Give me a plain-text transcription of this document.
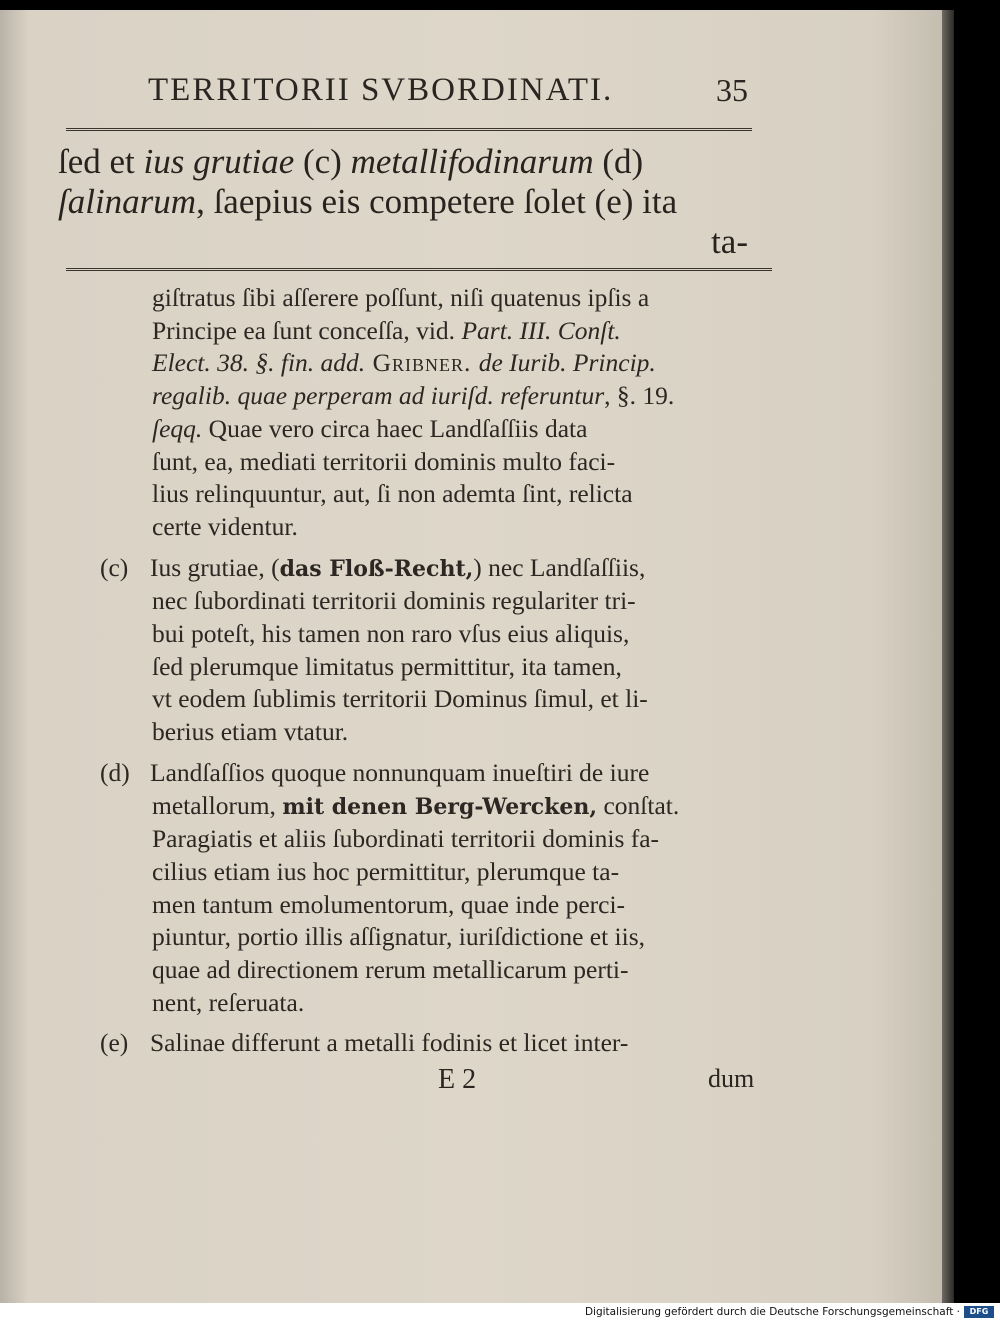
TERRITORII SVBORDINATI.	35
ſed et ius grutiae (c) metallifodinarum (d)
ſalinarum, ſaepius eis competere ſolet (e) ita
ta-
giſtratus ſibi aſſerere poſſunt, niſi quatenus ipſis a
Principe ea ſunt conceſſa, vid. Part. III. Conſt.
Elect. 38. §. fin. add. Gribner. de Iurib. Princip.
regalib. quae perperam ad iuriſd. referuntur, §. 19.
ſeqq. Quae vero circa haec Landſaſſiis data
ſunt, ea, mediati territorii dominis multo faci-
lius relinquuntur, aut, ſi non ademta ſint, relicta
certe videntur.
(c) Ius grutiae, (das Floß-Recht,) nec Landſaſſiis,
nec ſubordinati territorii dominis regulariter tri-
bui poteſt, his tamen non raro vſus eius aliquis,
ſed plerumque limitatus permittitur, ita tamen,
vt eodem ſublimis territorii Dominus ſimul, et li-
berius etiam vtatur.
(d) Landſaſſios quoque nonnunquam inueſtiri de iure
metallorum, mit denen Berg-Wercken, conſtat.
Paragiatis et aliis ſubordinati territorii dominis fa-
cilius etiam ius hoc permittitur, plerumque ta-
men tantum emolumentorum, quae inde perci-
piuntur, portio illis aſſignatur, iuriſdictione et iis,
quae ad directionem rerum metallicarum perti-
nent, reſeruata.
(e) Salinae differunt a metalli fodinis et licet inter-
E 2	dum
Digitalisierung gefördert durch die Deutsche Forschungsgemeinschaft ·	DFG
